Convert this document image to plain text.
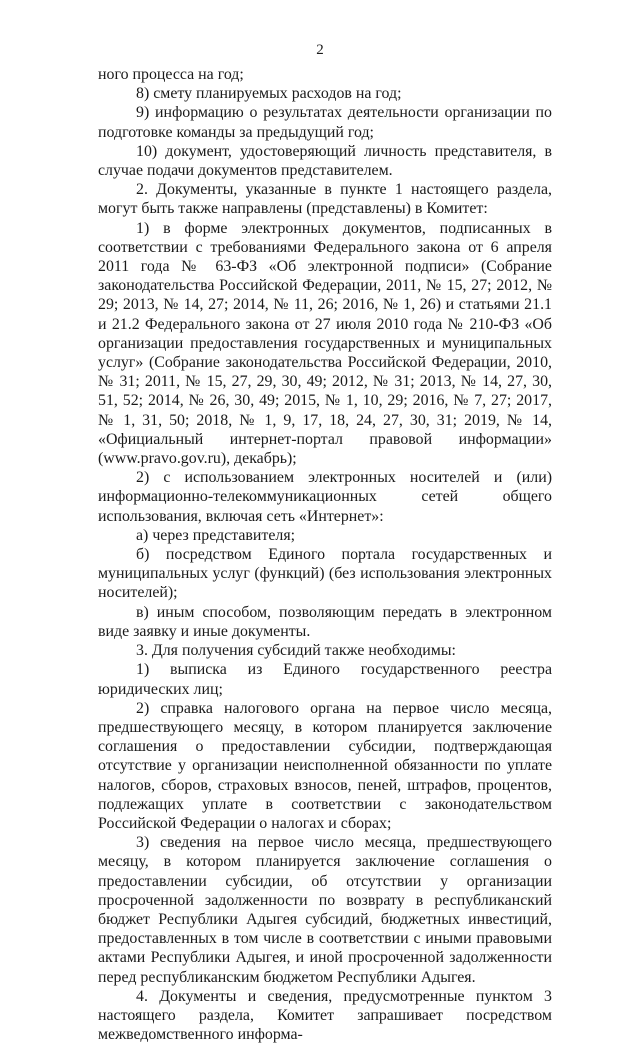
2

ного процесса на год;

8) смету планируемых расходов на год;

9) информацию о результатах деятельности организации по подготовке команды за предыдущий год;

10) документ, удостоверяющий личность представителя, в случае подачи документов представителем.

2. Документы, указанные в пункте 1 настоящего раздела, могут быть также направлены (представлены) в Комитет:

1) в форме электронных документов, подписанных в соответствии с требованиями Федерального закона от 6 апреля 2011 года № 63-ФЗ «Об электронной подписи» (Собрание законодательства Российской Федерации, 2011, № 15, 27; 2012, № 29; 2013, № 14, 27; 2014, № 11, 26; 2016, № 1, 26) и статьями 21.1 и 21.2 Федерального закона от 27 июля 2010 года № 210-ФЗ «Об организации предоставления государственных и муниципальных услуг» (Собрание законодательства Российской Федерации, 2010, № 31; 2011, № 15, 27, 29, 30, 49; 2012, № 31; 2013, № 14, 27, 30, 51, 52; 2014, № 26, 30, 49; 2015, № 1, 10, 29; 2016, № 7, 27; 2017, № 1, 31, 50; 2018, № 1, 9, 17, 18, 24, 27, 30, 31; 2019, № 14, «Официальный интернет-портал правовой информации» (www.pravo.gov.ru), декабрь);

2) с использованием электронных носителей и (или) информационно-телекоммуникационных сетей общего использования, включая сеть «Интернет»:

а) через представителя;

б) посредством Единого портала государственных и муниципальных услуг (функций) (без использования электронных носителей);

в) иным способом, позволяющим передать в электронном виде заявку и иные документы.

3. Для получения субсидий также необходимы:

1) выписка из Единого государственного реестра юридических лиц;

2) справка налогового органа на первое число месяца, предшествующего месяцу, в котором планируется заключение соглашения о предоставлении субсидии, подтверждающая отсутствие у организации неисполненной обязанности по уплате налогов, сборов, страховых взносов, пеней, штрафов, процентов, подлежащих уплате в соответствии с законодательством Российской Федерации о налогах и сборах;

3) сведения на первое число месяца, предшествующего месяцу, в котором планируется заключение соглашения о предоставлении субсидии, об отсутствии у организации просроченной задолженности по возврату в республиканский бюджет Республики Адыгея субсидий, бюджетных инвестиций, предоставленных в том числе в соответствии с иными правовыми актами Республики Адыгея, и иной просроченной задолженности перед республиканским бюджетом Республики Адыгея.

4. Документы и сведения, предусмотренные пунктом 3 настоящего раздела, Комитет запрашивает посредством межведомственного информа-
